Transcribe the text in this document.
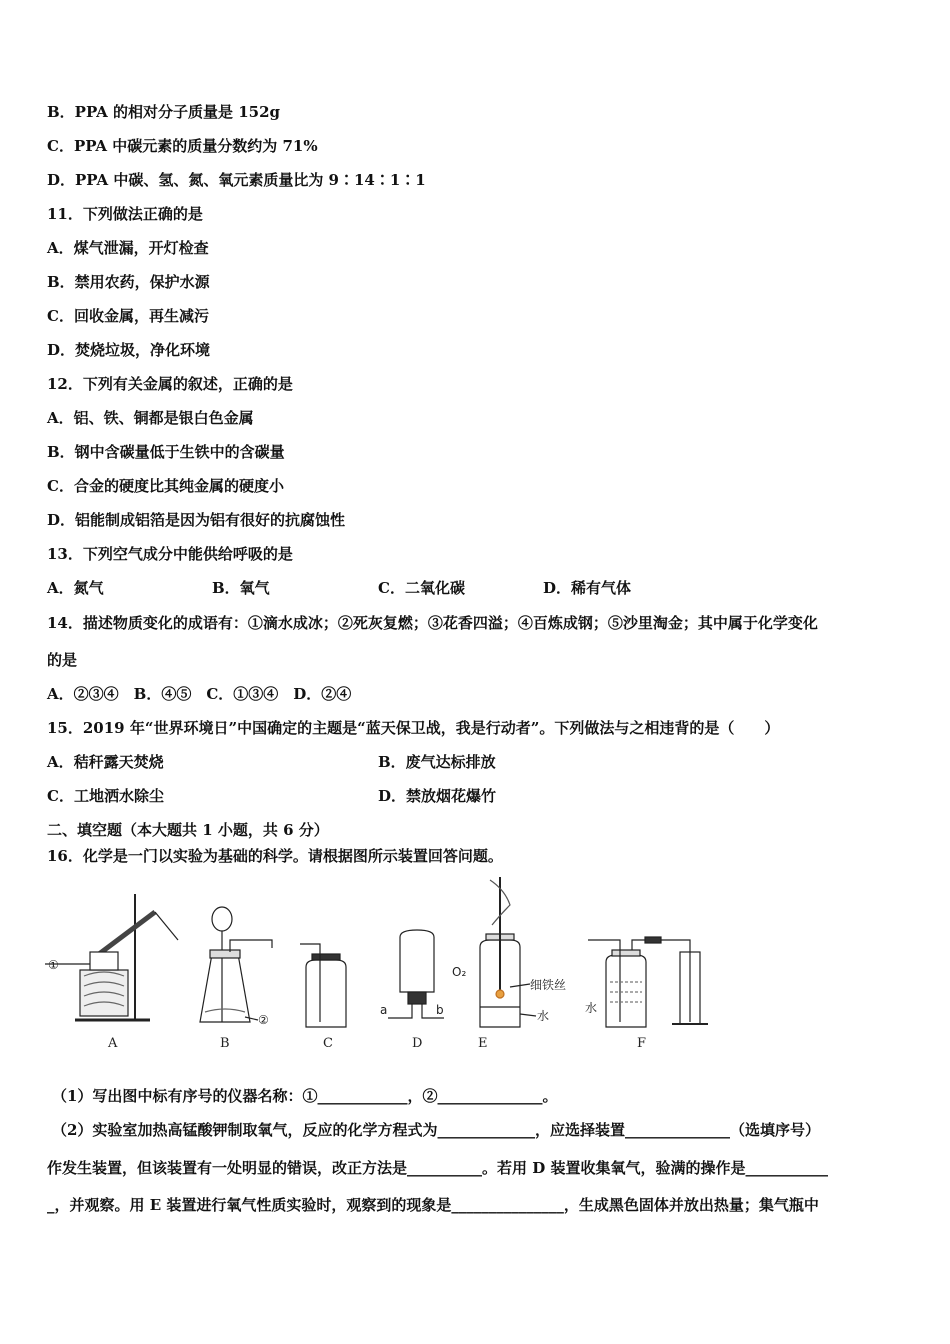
B．PPA 的相对分子质量是 152g
C．PPA 中碳元素的质量分数约为 71%
D．PPA 中碳、氢、氮、氧元素质量比为 9∶14∶1∶1
11．下列做法正确的是
A．煤气泄漏，开灯检查
B．禁用农药，保护水源
C．回收金属，再生减污
D．焚烧垃圾，净化环境
12．下列有关金属的叙述，正确的是
A．铝、铁、铜都是银白色金属
B．钢中含碳量低于生铁中的含碳量
C．合金的硬度比其纯金属的硬度小
D．铝能制成铝箔是因为铝有很好的抗腐蚀性
13．下列空气成分中能供给呼吸的是
A．氮气	B．氧气	C．二氧化碳	D．稀有气体
14．描述物质变化的成语有：①滴水成冰；②死灰复燃；③花香四溢；④百炼成钢；⑤沙里淘金；其中属于化学变化
的是
A．②③④　B．④⑤　C．①③④　D．②④
15．2019 年“世界环境日”中国确定的主题是“蓝天保卫战，我是行动者”。下列做法与之相违背的是（　　）
A．秸秆露天焚烧	B．废气达标排放
C．工地洒水除尘	D．禁放烟花爆竹
二、填空题（本大题共 1 小题，共 6 分）
16．化学是一门以实验为基础的科学。请根据图所示装置回答问题。
①
A
②
B	C
a	b
D
O₂
细铁丝
水
E
水
F
（1）写出图中标有序号的仪器名称：①____________，②______________。
（2）实验室加热高锰酸钾制取氧气，反应的化学方程式为_____________，应选择装置______________（选填序号）
作发生装置，但该装置有一处明显的错误，改正方法是__________。若用 D 装置收集氧气，验满的操作是___________
_，并观察。用 E 装置进行氧气性质实验时，观察到的现象是_______________，生成黑色固体并放出热量；集气瓶中
